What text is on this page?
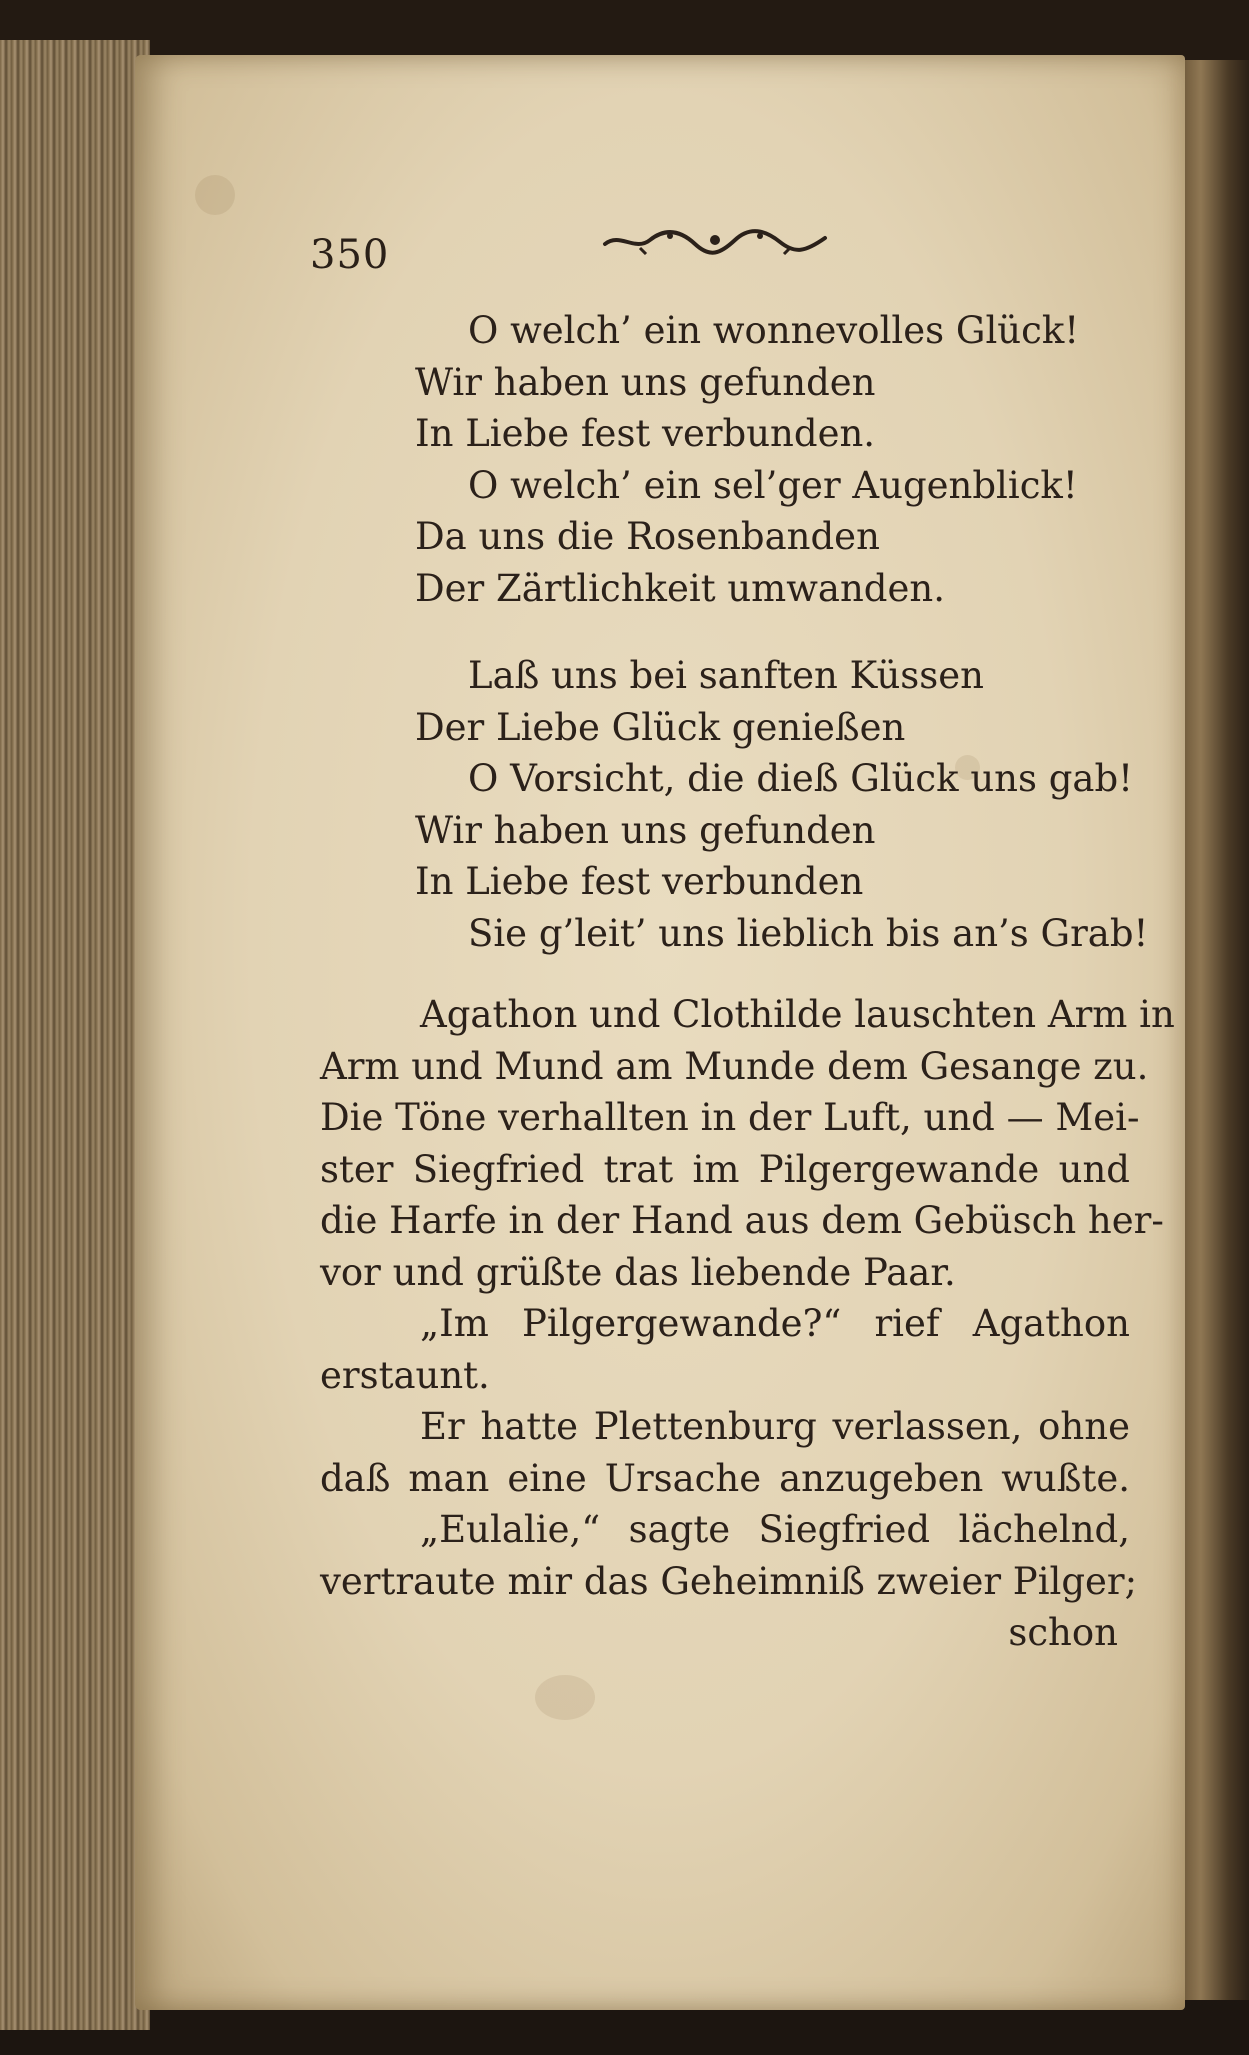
350
O welch’ ein wonnevolles Glück!
Wir haben uns gefunden
In Liebe fest verbunden.
O welch’ ein sel’ger Augenblick!
Da uns die Rosenbanden
Der Zärtlichkeit umwanden.
Laß uns bei sanften Küssen
Der Liebe Glück genießen
O Vorsicht, die dieß Glück uns gab!
Wir haben uns gefunden
In Liebe fest verbunden
Sie g’leit’ uns lieblich bis an’s Grab!
Agathon und Clothilde lauschten Arm in
Arm und Mund am Munde dem Gesange zu.
Die Töne verhallten in der Luft, und — Mei-
ster Siegfried trat im Pilgergewande und
die Harfe in der Hand aus dem Gebüsch her-
vor und grüßte das liebende Paar.
„Im Pilgergewande?“ rief Agathon
erstaunt.
Er hatte Plettenburg verlassen, ohne
daß man eine Ursache anzugeben wußte.
„Eulalie,“ sagte Siegfried lächelnd,
vertraute mir das Geheimniß zweier Pilger;
schon
